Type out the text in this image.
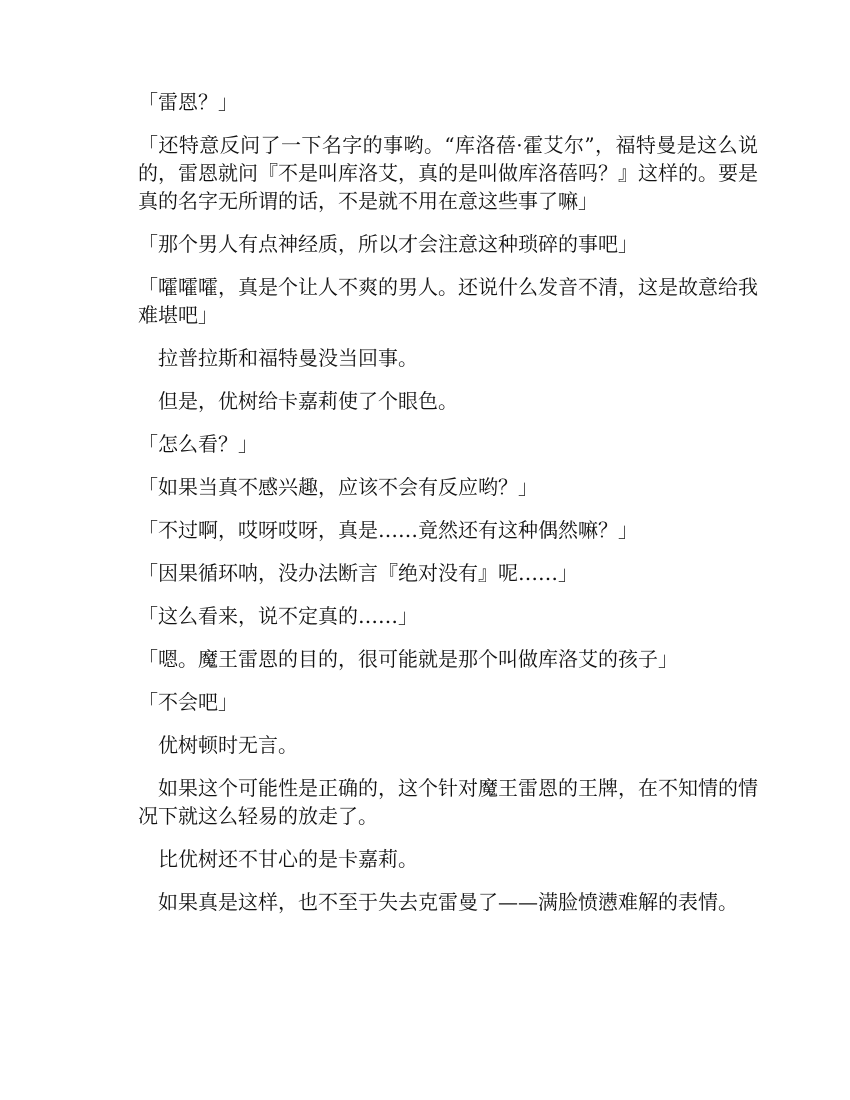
「雷恩？」

「还特意反问了一下名字的事哟。“库洛蓓·霍艾尔”，福特曼是这么说的，雷恩就问『不是叫库洛艾，真的是叫做库洛蓓吗？』这样的。要是真的名字无所谓的话，不是就不用在意这些事了嘛」

「那个男人有点神经质，所以才会注意这种琐碎的事吧」

「嚯嚯嚯，真是个让人不爽的男人。还说什么发音不清，这是故意给我难堪吧」

拉普拉斯和福特曼没当回事。

但是，优树给卡嘉莉使了个眼色。

「怎么看？」

「如果当真不感兴趣，应该不会有反应哟？」

「不过啊，哎呀哎呀，真是……竟然还有这种偶然嘛？」

「因果循环呐，没办法断言『绝对没有』呢……」

「这么看来，说不定真的……」

「嗯。魔王雷恩的目的，很可能就是那个叫做库洛艾的孩子」

「不会吧」

优树顿时无言。

如果这个可能性是正确的，这个针对魔王雷恩的王牌，在不知情的情况下就这么轻易的放走了。

比优树还不甘心的是卡嘉莉。

如果真是这样，也不至于失去克雷曼了——满脸愤懑难解的表情。
